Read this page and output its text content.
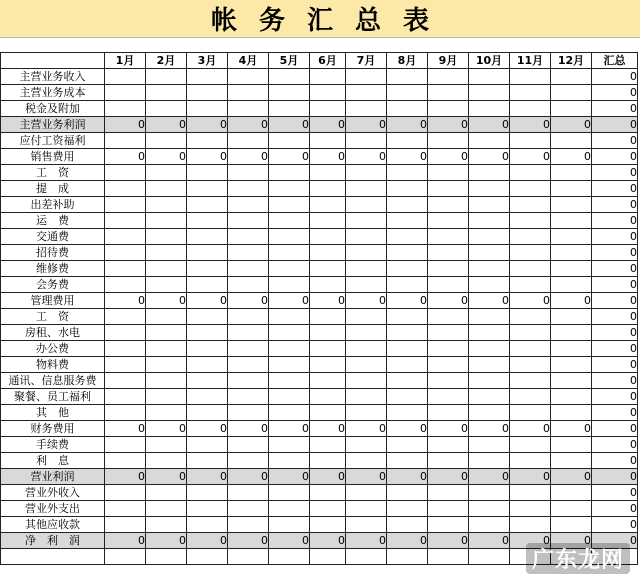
帐务汇总表
	1月	2月	3月	4月	5月	6月	7月	8月	9月	10月	11月	12月	汇总
主营业务收入													0
主营业务成本													0
税金及附加													0
主营业务利润	0	0	0	0	0	0	0	0	0	0	0	0	0
应付工资福利													0
销售费用	0	0	0	0	0	0	0	0	0	0	0	0	0
工　资													0
提　成													0
出差补助													0
运　费													0
交通费													0
招待费													0
维修费													0
会务费													0
管理费用	0	0	0	0	0	0	0	0	0	0	0	0	0
工　资													0
房租、水电													0
办公费													0
物料费													0
通讯、信息服务费													0
聚餐、员工福利													0
其　他													0
财务费用	0	0	0	0	0	0	0	0	0	0	0	0	0
手续费													0
利　息													0
营业利润	0	0	0	0	0	0	0	0	0	0	0	0	0
营业外收入													0
营业外支出													0
其他应收款													0
净　利　润	0	0	0	0	0	0	0	0	0	0	0	0	0

广东龙网
